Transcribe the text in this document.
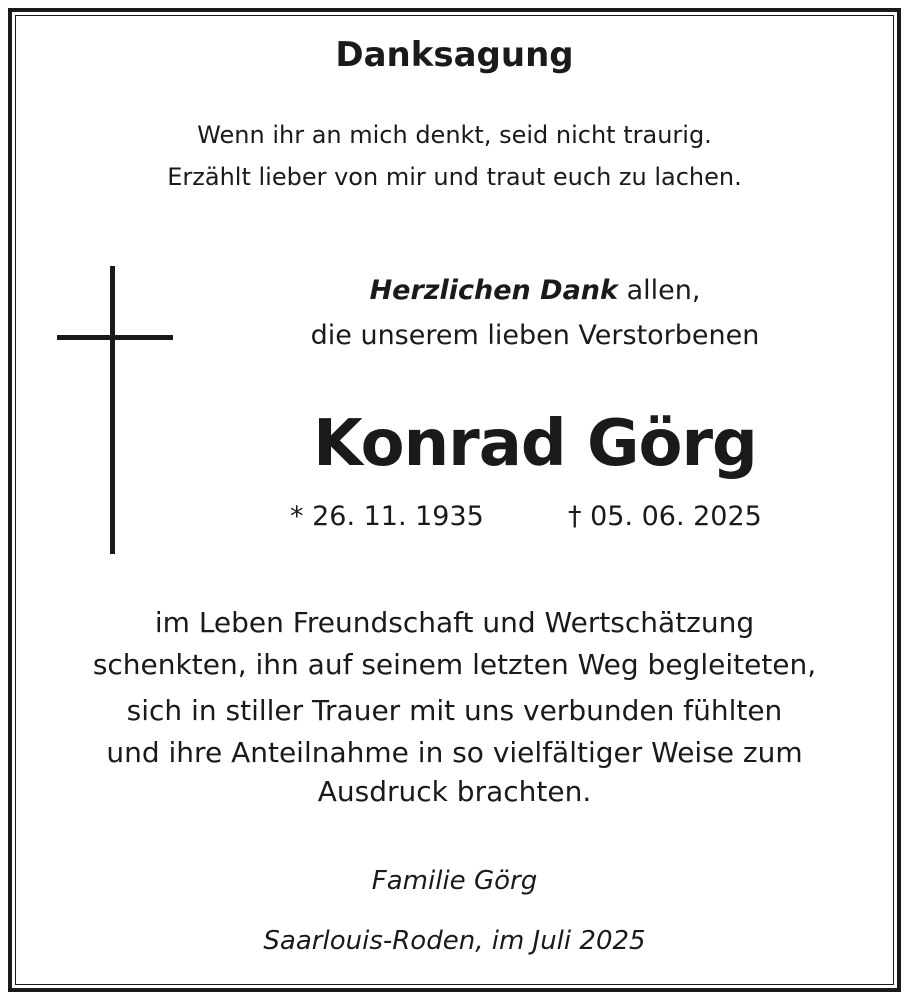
Danksagung
Wenn ihr an mich denkt, seid nicht traurig.
Erzählt lieber von mir und traut euch zu lachen.
Herzlichen Dank allen,
die unserem lieben Verstorbenen
Konrad Görg
* 26. 11. 1935	† 05. 06. 2025
im Leben Freundschaft und Wertschätzung
schenkten, ihn auf seinem letzten Weg begleiteten,
sich in stiller Trauer mit uns verbunden fühlten
und ihre Anteilnahme in so vielfältiger Weise zum
Ausdruck brachten.
Familie Görg
Saarlouis-Roden, im Juli 2025
